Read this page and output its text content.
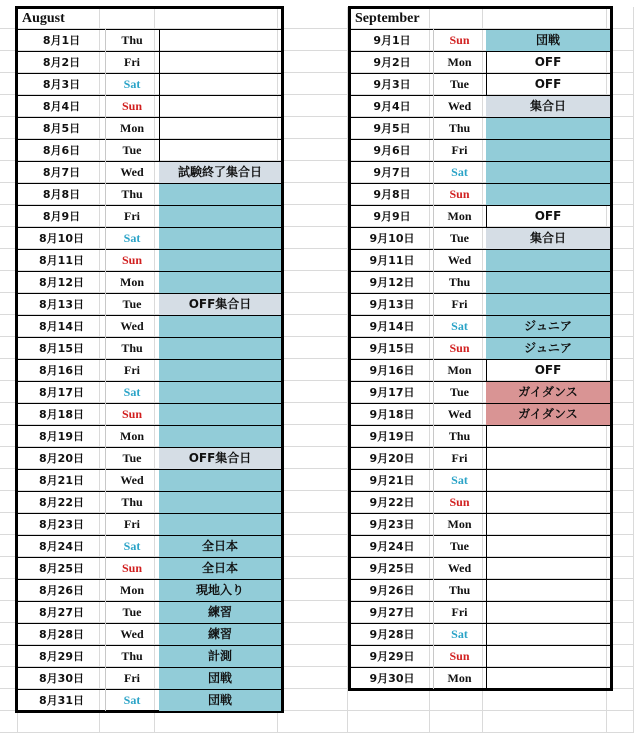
August
8月1日	Thu
8月2日	Fri
8月3日	Sat
8月4日	Sun
8月5日	Mon
8月6日	Tue
8月7日	Wed	試験終了集合日
8月8日	Thu
8月9日	Fri
8月10日	Sat
8月11日	Sun
8月12日	Mon
8月13日	Tue	OFF集合日
8月14日	Wed
8月15日	Thu
8月16日	Fri
8月17日	Sat
8月18日	Sun
8月19日	Mon
8月20日	Tue	OFF集合日
8月21日	Wed
8月22日	Thu
8月23日	Fri
8月24日	Sat	全日本
8月25日	Sun	全日本
8月26日	Mon	現地入り
8月27日	Tue	練習
8月28日	Wed	練習
8月29日	Thu	計測
8月30日	Fri	団戦
8月31日	Sat	団戦
September
9月1日	Sun	団戦
9月2日	Mon	OFF
9月3日	Tue	OFF
9月4日	Wed	集合日
9月5日	Thu
9月6日	Fri
9月7日	Sat
9月8日	Sun
9月9日	Mon	OFF
9月10日	Tue	集合日
9月11日	Wed
9月12日	Thu
9月13日	Fri
9月14日	Sat	ジュニア
9月15日	Sun	ジュニア
9月16日	Mon	OFF
9月17日	Tue	ガイダンス
9月18日	Wed	ガイダンス
9月19日	Thu
9月20日	Fri
9月21日	Sat
9月22日	Sun
9月23日	Mon
9月24日	Tue
9月25日	Wed
9月26日	Thu
9月27日	Fri
9月28日	Sat
9月29日	Sun
9月30日	Mon
